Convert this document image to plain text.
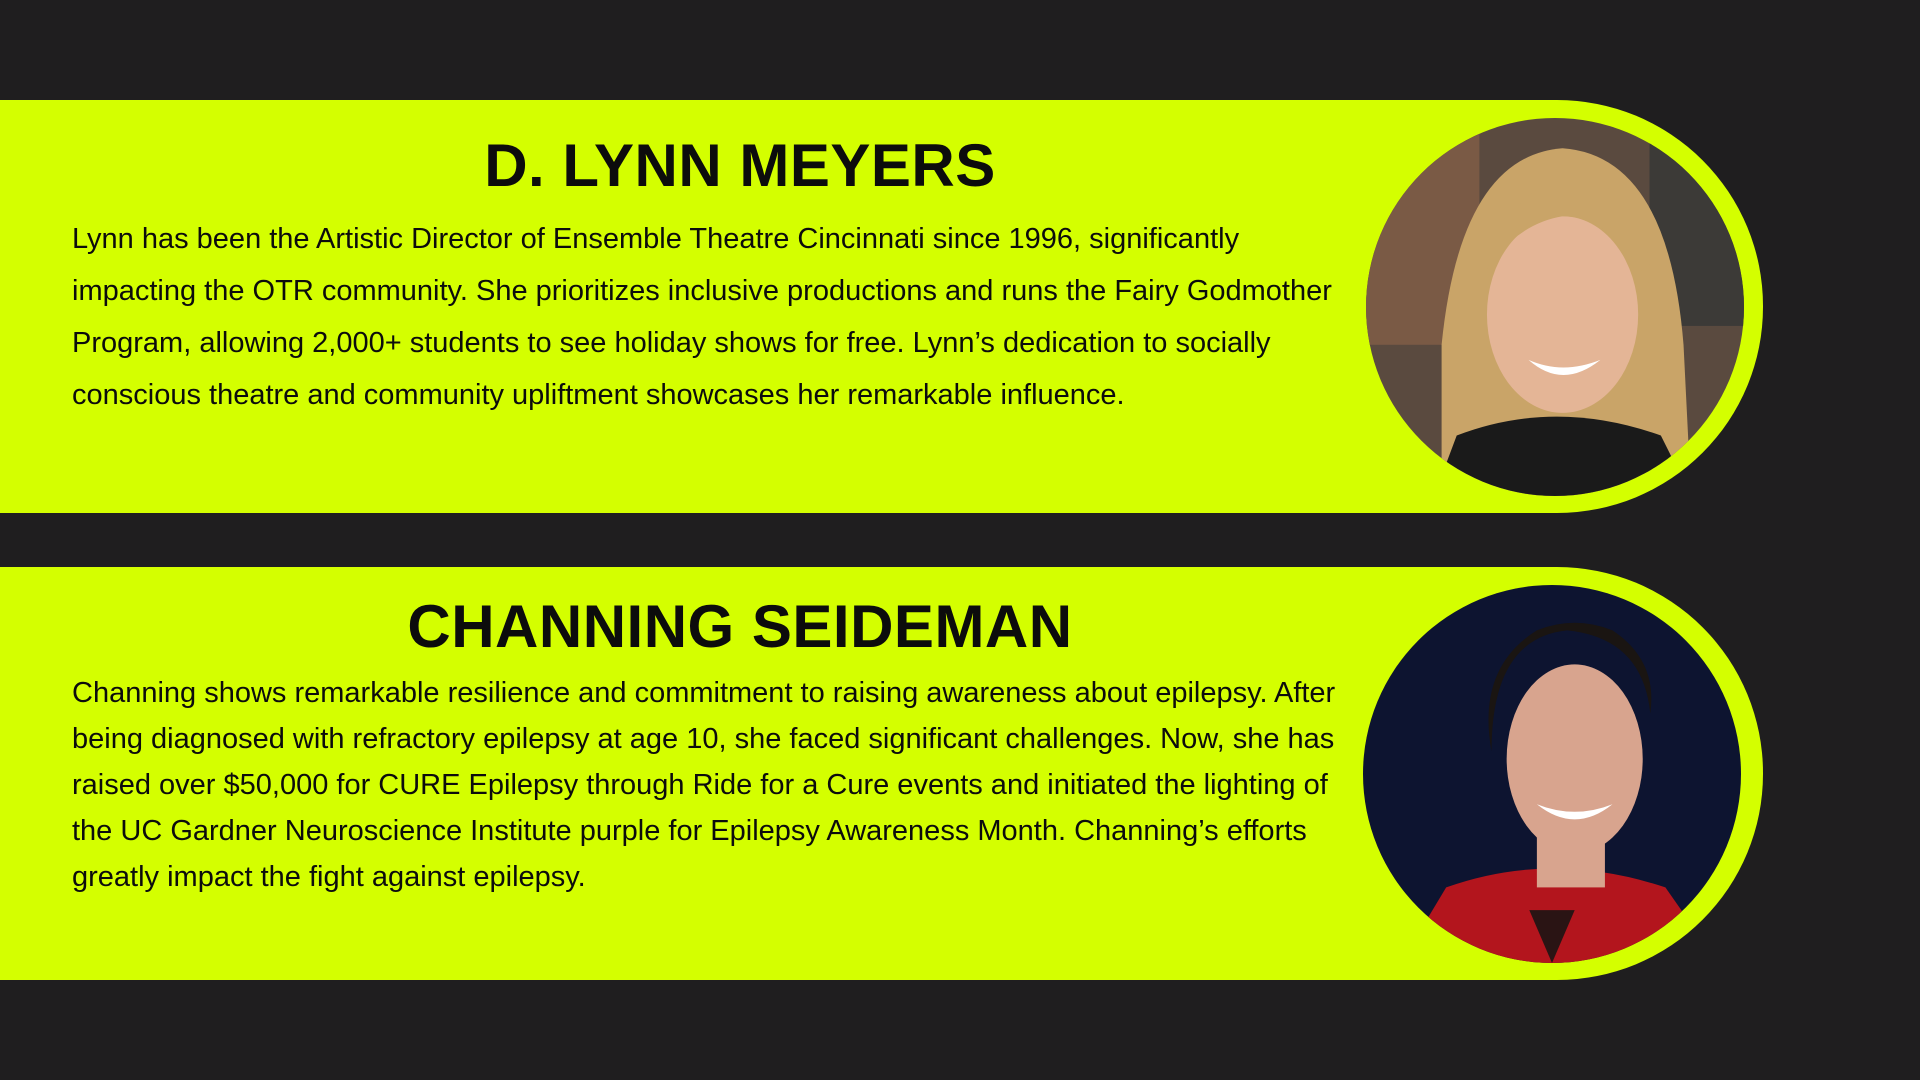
D. LYNN MEYERS

Lynn has been the Artistic Director of Ensemble Theatre Cincinnati since 1996, significantly impacting the OTR community. She prioritizes inclusive productions and runs the Fairy Godmother Program, allowing 2,000+ students to see holiday shows for free. Lynn’s dedication to socially conscious theatre and community upliftment showcases her remarkable influence.

CHANNING SEIDEMAN

Channing shows remarkable resilience and commitment to raising awareness about epilepsy. After being diagnosed with refractory epilepsy at age 10, she faced significant challenges. Now, she has raised over $50,000 for CURE Epilepsy through Ride for a Cure events and initiated the lighting of the UC Gardner Neuroscience Institute purple for Epilepsy Awareness Month. Channing’s efforts greatly impact the fight against epilepsy.
